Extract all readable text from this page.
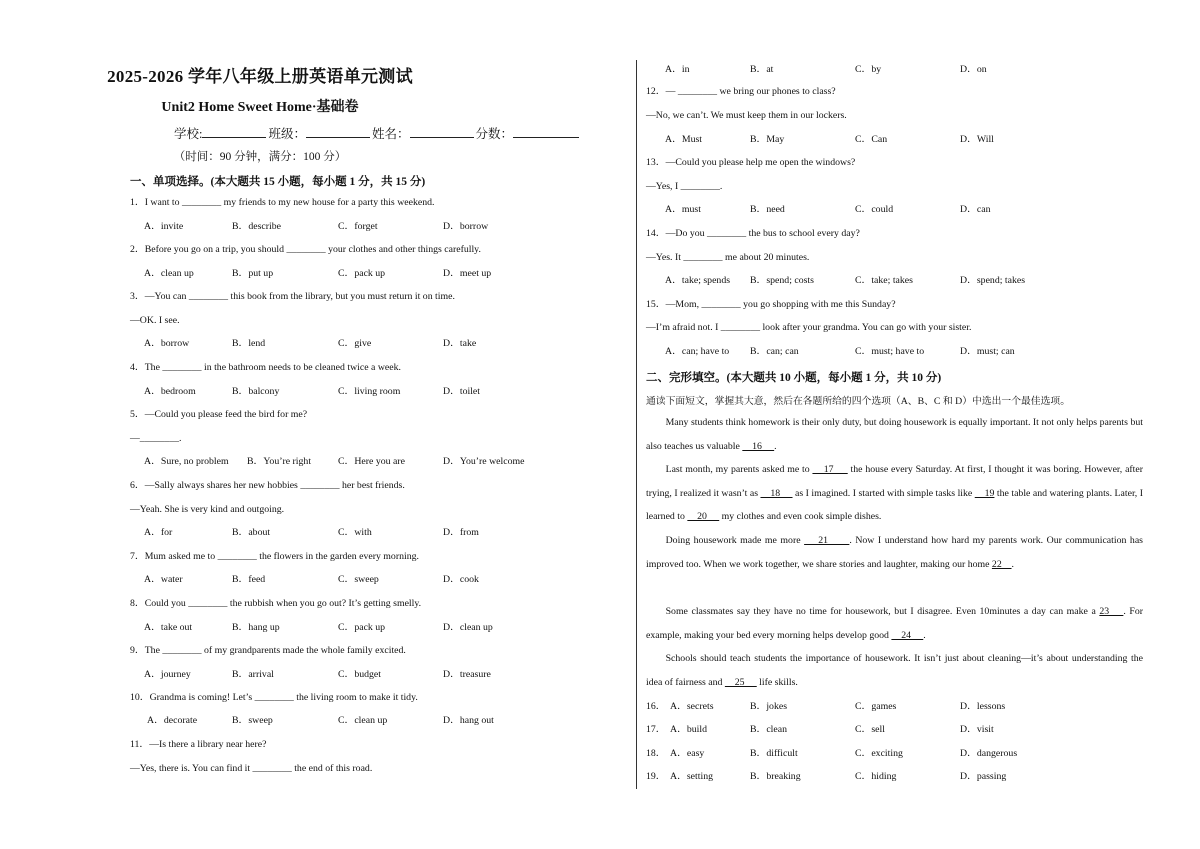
2025-2026 学年八年级上册英语单元测试
Unit2 Home Sweet Home·基础卷
学校:	班级：	姓名：	分数：
（时间：90 分钟，满分：100 分）
一、单项选择。(本大题共 15 小题，每小题 1 分，共 15 分)
1．I want to ________ my friends to my new house for a party this weekend.
A．invite	B．describe	C．forget	D．borrow
2．Before you go on a trip, you should ________ your clothes and other things carefully.
A．clean up	B．put up	C．pack up	D．meet up
3．—You can ________ this book from the library, but you must return it on time.
—OK. I see.
A．borrow	B．lend	C．give	D．take
4．The ________ in the bathroom needs to be cleaned twice a week.
A．bedroom	B．balcony	C．living room	D．toilet
5．—Could you please feed the bird for me?
—________.
A．Sure, no problem B．You’re right	C．Here you are	D．You’re welcome
6．—Sally always shares her new hobbies ________ her best friends.
—Yeah. She is very kind and outgoing.
A．for	B．about	C．with	D．from
7．Mum asked me to ________ the flowers in the garden every morning.
A．water	B．feed	C．sweep	D．cook
8．Could you ________ the rubbish when you go out? It’s getting smelly.
A．take out	B．hang up	C．pack up	D．clean up
9．The ________ of my grandparents made the whole family excited.
A．journey	B．arrival	C．budget	D．treasure
10．Grandma is coming! Let’s ________ the living room to make it tidy.
A．decorate	B．sweep	C．clean up	D．hang out
11．—Is there a library near here?
—Yes, there is. You can find it ________ the end of this road.
A．in	B．at	C．by	D．on
12．— ________ we bring our phones to class?
—No, we can’t. We must keep them in our lockers.
A．Must	B．May	C．Can	D．Will
13．—Could you please help me open the windows?
—Yes, I ________.
A．must	B．need	C．could	D．can
14．—Do you ________ the bus to school every day?
—Yes. It ________ me about 20 minutes.
A．take; spends B．spend; costs	C．take; takes	D．spend; takes
15．—Mom, ________ you go shopping with me this Sunday?
—I’m afraid not. I ________ look after your grandma. You can go with your sister.
A．can; have to B．can; can	C．must; have to	D．must; can
二、完形填空。(本大题共 10 小题，每小题 1 分，共 10 分)
通读下面短文，掌握其大意，然后在各题所给的四个选项（A、B、C 和 D）中选出一个最佳选项。
Many students think homework is their only duty, but doing housework is equally important. It not only helps parents but also teaches us valuable     16     .
Last month, my parents asked me to     17      the house every Saturday. At first, I thought it was boring. However, after trying, I realized it wasn’t as     18      as I imagined. I started with simple tasks like     19 the table and watering plants. Later, I learned to     20      my clothes and even cook simple dishes.
Doing housework made me more     21      . Now I understand how hard my parents work. Our communication has improved too. When we work together, we share stories and laughter, making our home 22    .
Some classmates say they have no time for housework, but I disagree. Even 10minutes a day can make a 23    . For example, making your bed every morning helps develop good     24     .
Schools should teach students the importance of housework. It isn’t just about cleaning—it’s about understanding the idea of fairness and     25      life skills.
16． A．secrets	B．jokes	C．games	D．lessons
17． A．build	B．clean	C．sell	D．visit
18． A．easy	B．difficult	C．exciting	D．dangerous
19． A．setting	B．breaking	C．hiding	D．passing
